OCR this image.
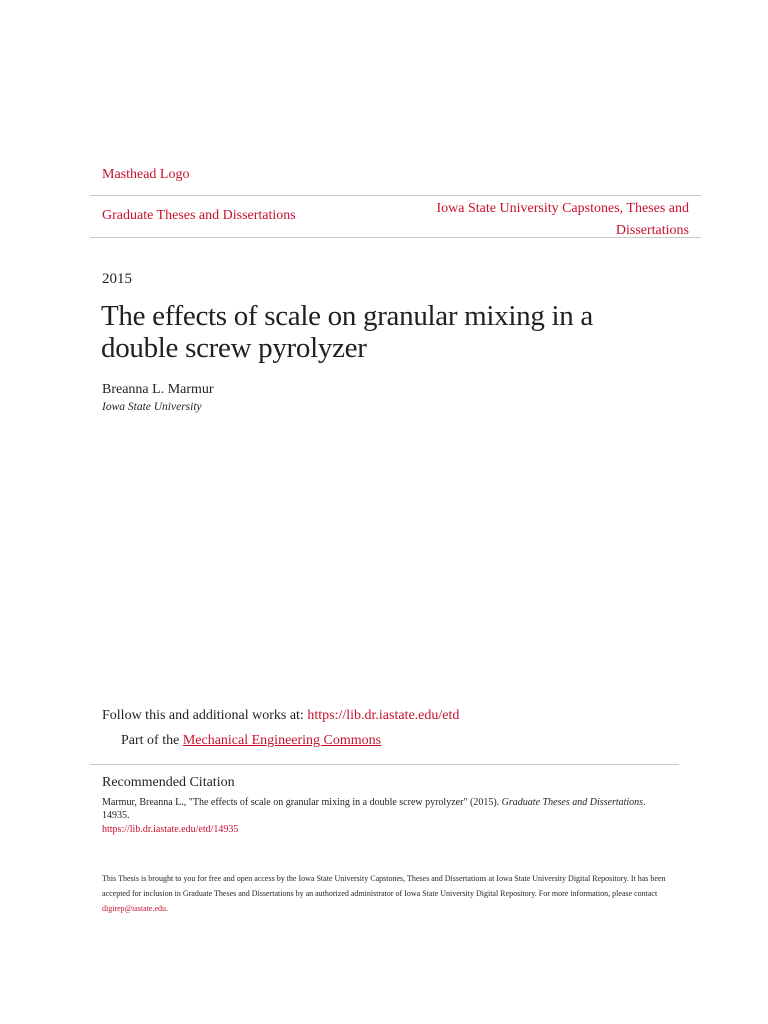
Masthead Logo
Graduate Theses and Dissertations	Iowa State University Capstones, Theses and Dissertations
2015
The effects of scale on granular mixing in a double screw pyrolyzer
Breanna L. Marmur
Iowa State University
Follow this and additional works at: https://lib.dr.iastate.edu/etd
Part of the Mechanical Engineering Commons
Recommended Citation
Marmur, Breanna L., "The effects of scale on granular mixing in a double screw pyrolyzer" (2015). Graduate Theses and Dissertations.
14935.
https://lib.dr.iastate.edu/etd/14935
This Thesis is brought to you for free and open access by the Iowa State University Capstones, Theses and Dissertations at Iowa State University Digital Repository. It has been accepted for inclusion in Graduate Theses and Dissertations by an authorized administrator of Iowa State University Digital Repository. For more information, please contact digirep@iastate.edu.
